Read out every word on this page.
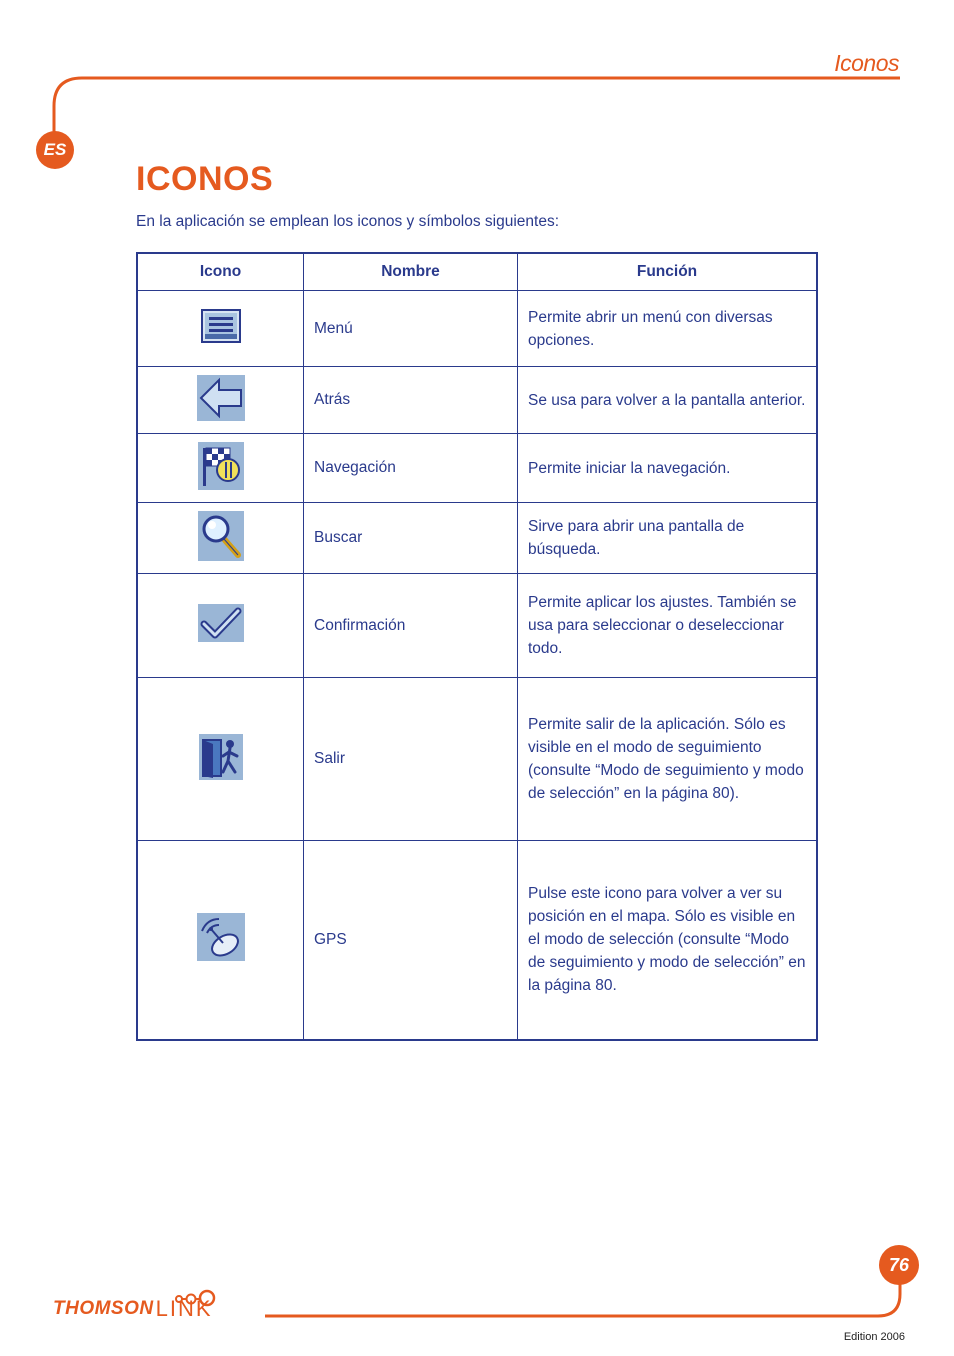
Iconos
ES
ICONOS

En la aplicación se emplean los iconos y símbolos siguientes:

Icono	Nombre	Función
	Menú	Permite abrir un menú con diversas opciones.
	Atrás	Se usa para volver a la pantalla anterior.
	Navegación	Permite iniciar la navegación.
	Buscar	Sirve para abrir una pantalla de búsqueda.
	Confirmación	Permite aplicar los ajustes. También se usa para seleccionar o deseleccionar todo.
	Salir	Permite salir de la aplicación. Sólo es visible en el modo de seguimiento (consulte “Modo de seguimiento y modo de selección” en la página 80).
	GPS	Pulse este icono para volver a ver su posición en el mapa. Sólo es visible en el modo de selección (consulte “Modo de seguimiento y modo de selección” en la página 80.
THOMSON LINK
76
Edition 2006
